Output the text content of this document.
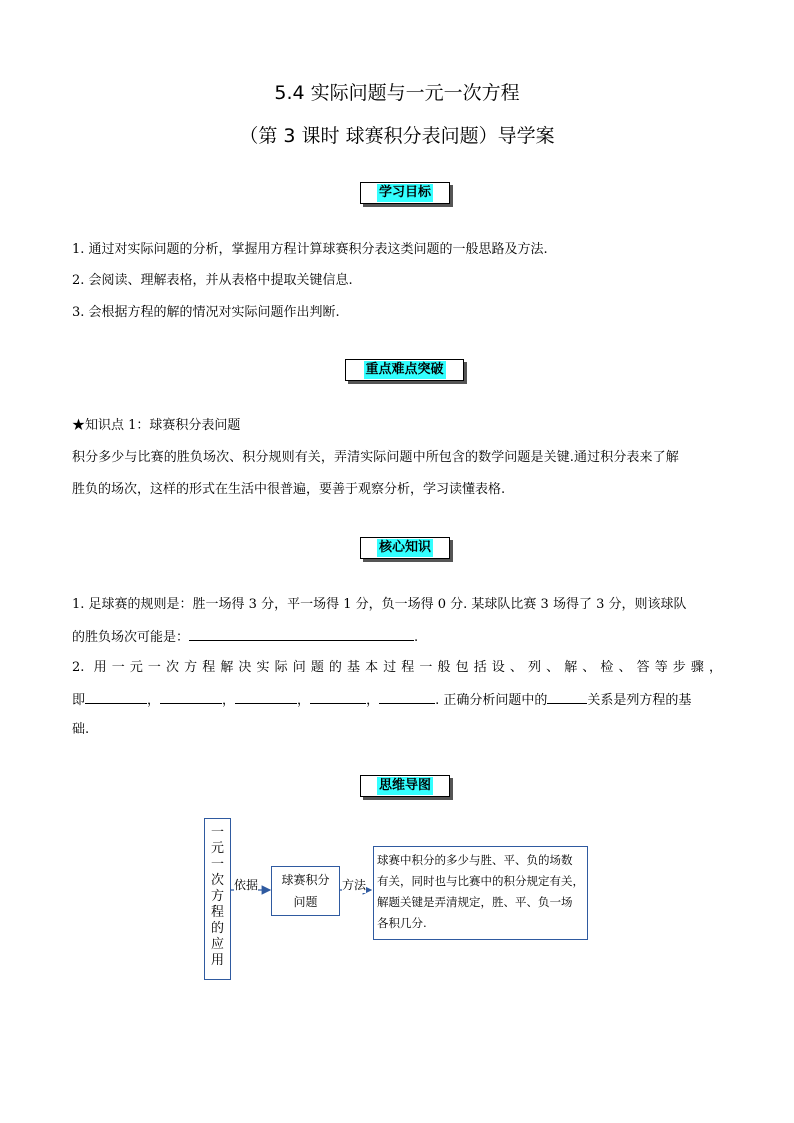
5.4 实际问题与一元一次方程
（第 3 课时 球赛积分表问题）导学案
学习目标
1. 通过对实际问题的分析，掌握用方程计算球赛积分表这类问题的一般思路及方法.
2. 会阅读、理解表格，并从表格中提取关键信息.
3. 会根据方程的解的情况对实际问题作出判断.
重点难点突破
★知识点 1：球赛积分表问题
积分多少与比赛的胜负场次、积分规则有关，弄清实际问题中所包含的数学问题是关键.通过积分表来了解
胜负的场次，这样的形式在生活中很普遍，要善于观察分析，学习读懂表格.
核心知识
1. 足球赛的规则是：胜一场得 3 分，平一场得 1 分，负一场得 0 分. 某球队比赛 3 场得了 3 分，则该球队
的胜负场次可能是：	.
2. 用一元一次方程解决实际问题的基本过程一般包括设、列、解、检、答等步骤，
即	，	，	，	，	. 正确分析问题中的	关系是列方程的基
础.
思维导图
一
元
一
次
方
程
的
应
用
依据	球赛积分
问题
方法
球赛中积分的多少与胜、平、负的场数
有关，同时也与比赛中的积分规定有关，
解题关键是弄清规定，胜、平、负一场
各积几分.
